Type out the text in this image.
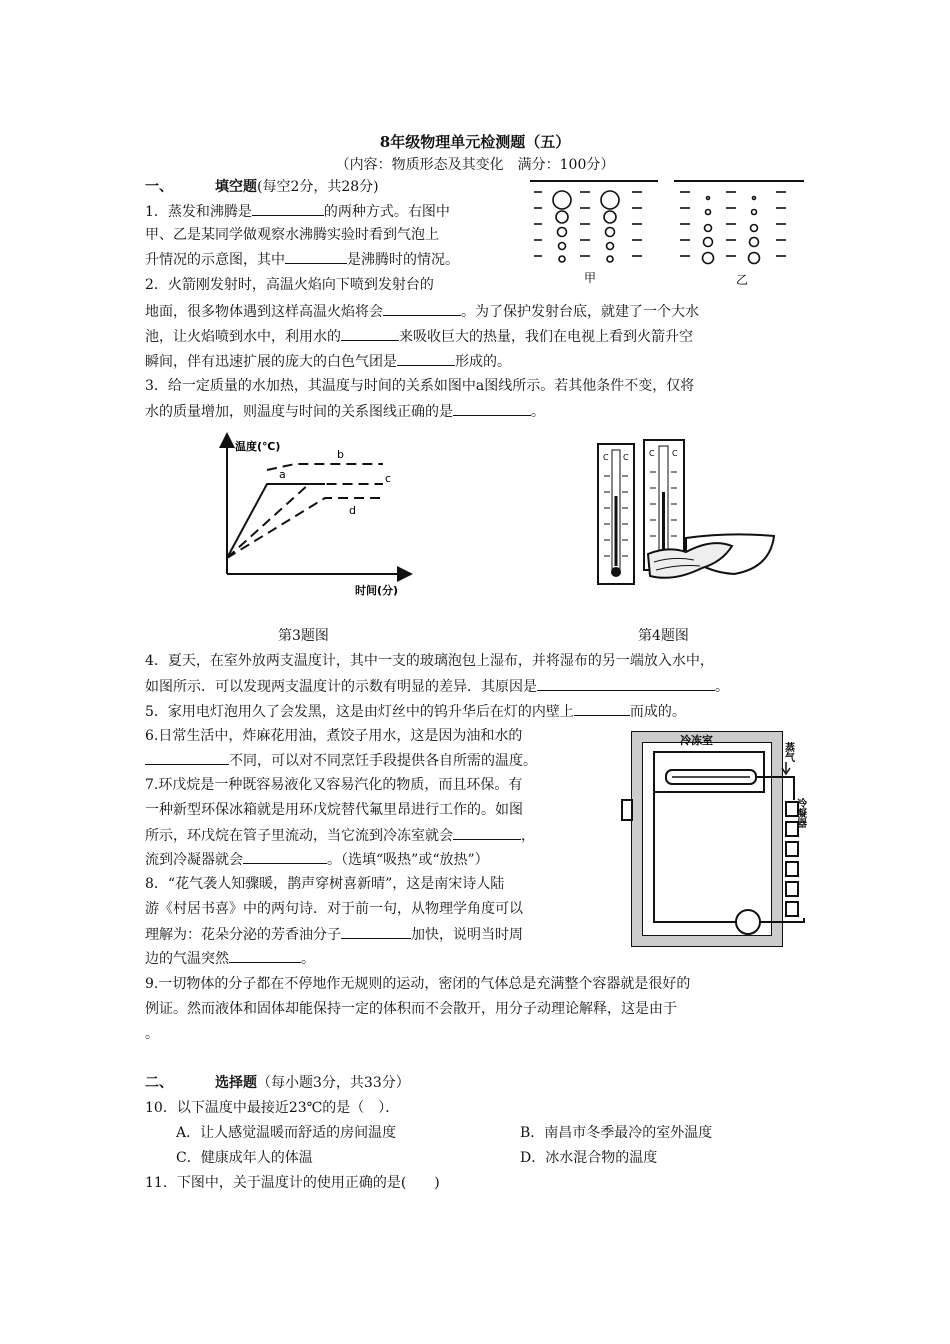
8年级物理单元检测题（五）
（内容：物质形态及其变化　满分：100分）
一、	填空题(每空2分，共28分)
1．蒸发和沸腾是	的两种方式。右图中
甲、乙是某同学做观察水沸腾实验时看到气泡上
升情况的示意图，其中	是沸腾时的情况。
甲	乙
2．火箭刚发射时，高温火焰向下喷到发射台的
地面，很多物体遇到这样高温火焰将会	。为了保护发射台底，就建了一个大水
池，让火焰喷到水中，利用水的	来吸收巨大的热量，我们在电视上看到火箭升空
瞬间，伴有迅速扩展的庞大的白色气团是	形成的。
3．给一定质量的水加热，其温度与时间的关系如图中a图线所示。若其他条件不变，仅将
水的质量增加，则温度与时间的关系图线正确的是	。
温度(℃)
时间(分)
a
b
c
d
C C	C C
第3题图	第4题图
4．夏天，在室外放两支温度计，其中一支的玻璃泡包上湿布，并将湿布的另一端放入水中，
如图所示．可以发现两支温度计的示数有明显的差异．其原因是	。
5．家用电灯泡用久了会发黑，这是由灯丝中的钨升华后在灯的内壁上	而成的。
6.日常生活中，炸麻花用油，煮饺子用水，这是因为油和水的
不同，可以对不同烹饪手段提供各自所需的温度。
7.环戊烷是一种既容易液化又容易汽化的物质，而且环保。有
一种新型环保冰箱就是用环戊烷替代氟里昂进行工作的。如图
所示，环戊烷在管子里流动，当它流到冷冻室就会	，
流到冷凝器就会	。（选填“吸热”或“放热”）
冷冻室
蒸气
冷凝器
8．“花气袭人知骤暖，鹊声穿树喜新晴”，这是南宋诗人陆
游《村居书喜》中的两句诗．对于前一句，从物理学角度可以
理解为：花朵分泌的芳香油分子	加快，说明当时周
边的气温突然	。
9.一切物体的分子都在不停地作无规则的运动，密闭的气体总是充满整个容器就是很好的
例证。然而液体和固体却能保持一定的体积而不会散开，用分子动理论解释，这是由于
。
二、	选择题（每小题3分，共33分）
10．以下温度中最接近23℃的是（　）．
A．让人感觉温暖而舒适的房间温度	B．南昌市冬季最冷的室外温度
C．健康成年人的体温	D．冰水混合物的温度
11．下图中，关于温度计的使用正确的是(　　)
